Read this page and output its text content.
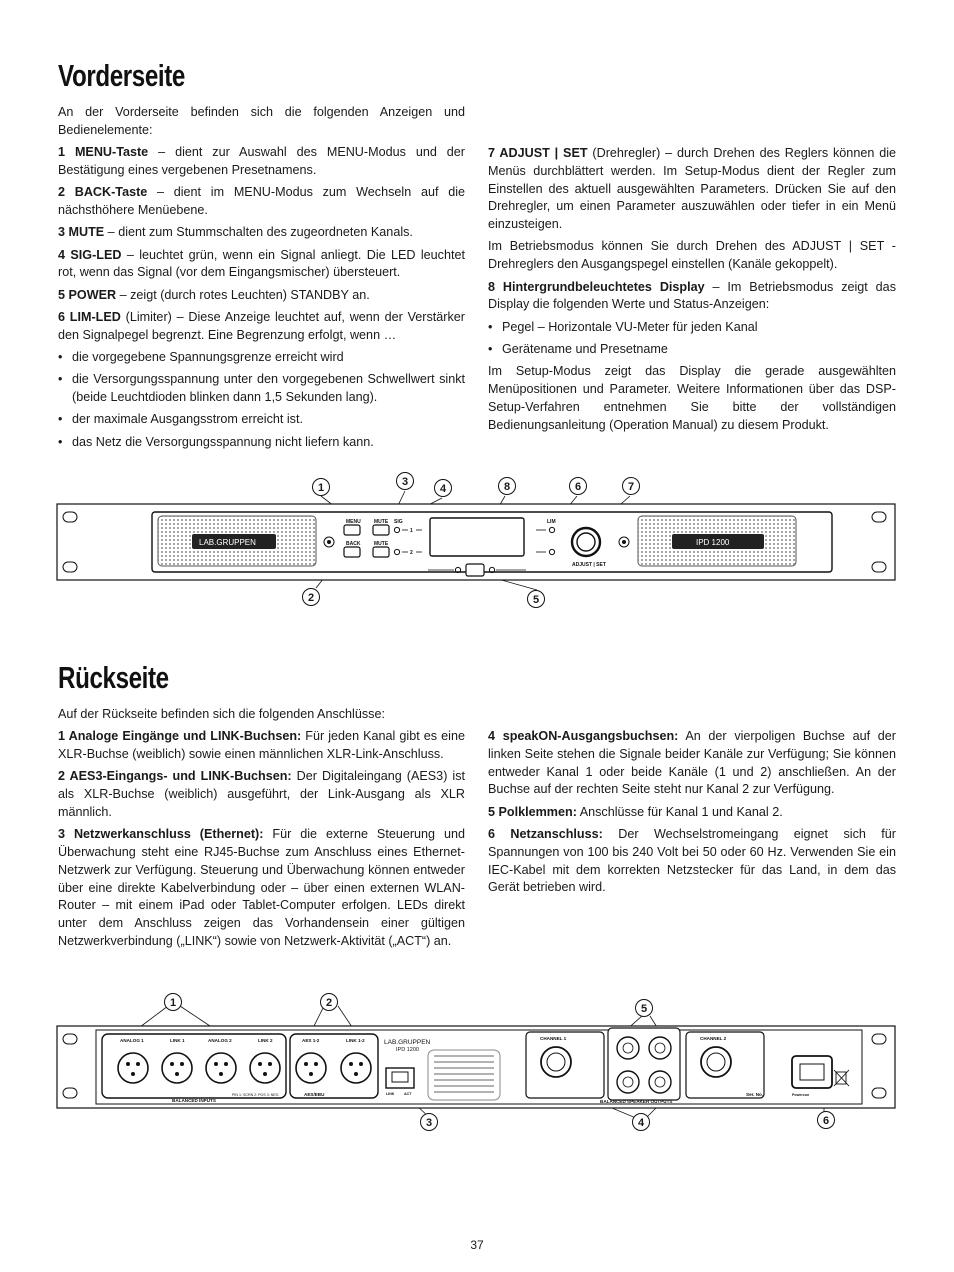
Vorderseite

An der Vorderseite befinden sich die folgenden Anzeigen und Bedienelemente:

1 MENU-Taste – dient zur Auswahl des MENU-Modus und der Bestätigung eines vergebenen Presetnamens.

2 BACK-Taste – dient im MENU-Modus zum Wechseln auf die nächsthöhere Menüebene.

3 MUTE – dient zum Stummschalten des zugeordneten Kanals.

4 SIG-LED – leuchtet grün, wenn ein Signal anliegt. Die LED leuchtet rot, wenn das Signal (vor dem Eingangsmischer) übersteuert.

5 POWER – zeigt (durch rotes Leuchten) STANDBY an.

6 LIM-LED (Limiter) – Diese Anzeige leuchtet auf, wenn der Verstärker den Signalpegel begrenzt. Eine Begrenzung erfolgt, wenn …

• die vorgegebene Spannungsgrenze erreicht wird
• die Versorgungsspannung unter den vorgegebenen Schwellwert sinkt (beide Leuchtdioden blinken dann 1,5 Sekunden lang).
• der maximale Ausgangsstrom erreicht ist.
• das Netz die Versorgungsspannung nicht liefern kann.

7 ADJUST | SET (Drehregler) – durch Drehen des Reglers können die Menüs durchblättert werden. Im Setup-Modus dient der Regler zum Einstellen des aktuell ausgewählten Parameters. Drücken Sie auf den Drehregler, um einen Parameter auszuwählen oder tiefer in ein Menü einzusteigen.

Im Betriebsmodus können Sie durch Drehen des ADJUST | SET -Drehreglers den Ausgangspegel einstellen (Kanäle gekoppelt).

8 Hintergrundbeleuchtetes Display – Im Betriebsmodus zeigt das Display die folgenden Werte und Status-Anzeigen:

• Pegel – Horizontale VU-Meter für jeden Kanal
• Gerätename und Presetname

Im Setup-Modus zeigt das Display die gerade ausgewählten Menüpositionen und Parameter. Weitere Informationen über das DSP-Setup-Verfahren entnehmen Sie bitte der vollständigen Bedienungsanleitung (Operation Manual) zu diesem Produkt.

MENU
BACK
MUTE
MUTE
SIG
1
2
LIM
ADJUST | SET
LAB.GRUPPEN	IPD 1200
1
2
3
4
5
6	7
8
Rückseite

Auf der Rückseite befinden sich die folgenden Anschlüsse:

1 Analoge Eingänge und LINK-Buchsen: Für jeden Kanal gibt es eine XLR-Buchse (weiblich) sowie einen männlichen XLR-Link-Anschluss.

2 AES3-Eingangs- und LINK-Buchsen: Der Digitaleingang (AES3) ist als XLR-Buchse (weiblich) ausgeführt, der Link-Ausgang als XLR männlich.

3 Netzwerkanschluss (Ethernet): Für die externe Steuerung und Überwachung steht eine RJ45-Buchse zum Anschluss eines Ethernet-Netzwerk zur Verfügung. Steuerung und Überwachung können entweder über eine direkte Kabelverbindung oder – über einen externen WLAN-Router – mit einem iPad oder Tablet-Computer erfolgen. LEDs direkt unter dem Anschluss zeigen das Vorhandensein einer gültigen Netzwerkverbindung („LINK“) sowie von Netzwerk-Aktivität („ACT“) an.

4 speakON-Ausgangsbuchsen: An der vierpoligen Buchse auf der linken Seite stehen die Signale beider Kanäle zur Verfügung; Sie können entweder Kanal 1 oder beide Kanäle (1 und 2) anschließen. An der Buchse auf der rechten Seite steht nur Kanal 2 zur Verfügung.

5 Polklemmen: Anschlüsse für Kanal 1 und Kanal 2.

6 Netzanschluss: Der Wechselstromeingang eignet sich für Spannungen von 100 bis 240 Volt bei 50 oder 60 Hz. Verwenden Sie ein IEC-Kabel mit dem korrekten Netzstecker für das Land, in dem das Gerät betrieben wird.

ANALOG 1	LINK 1	ANALOG 2	LINK 2	AES 1-2	LINK 1-2
BALANCED INPUTS
PIN 1: SCRN 2: POS 3: NEG	AES/EBU	LINK	ACT
CHANNEL 1	CHANNEL 2
BALANCED SPEAKER OUTPUTS
Ser. No.	Powercon
LAB.GRUPPEN
IPD 1200
1	2
3	4
5
6
37
